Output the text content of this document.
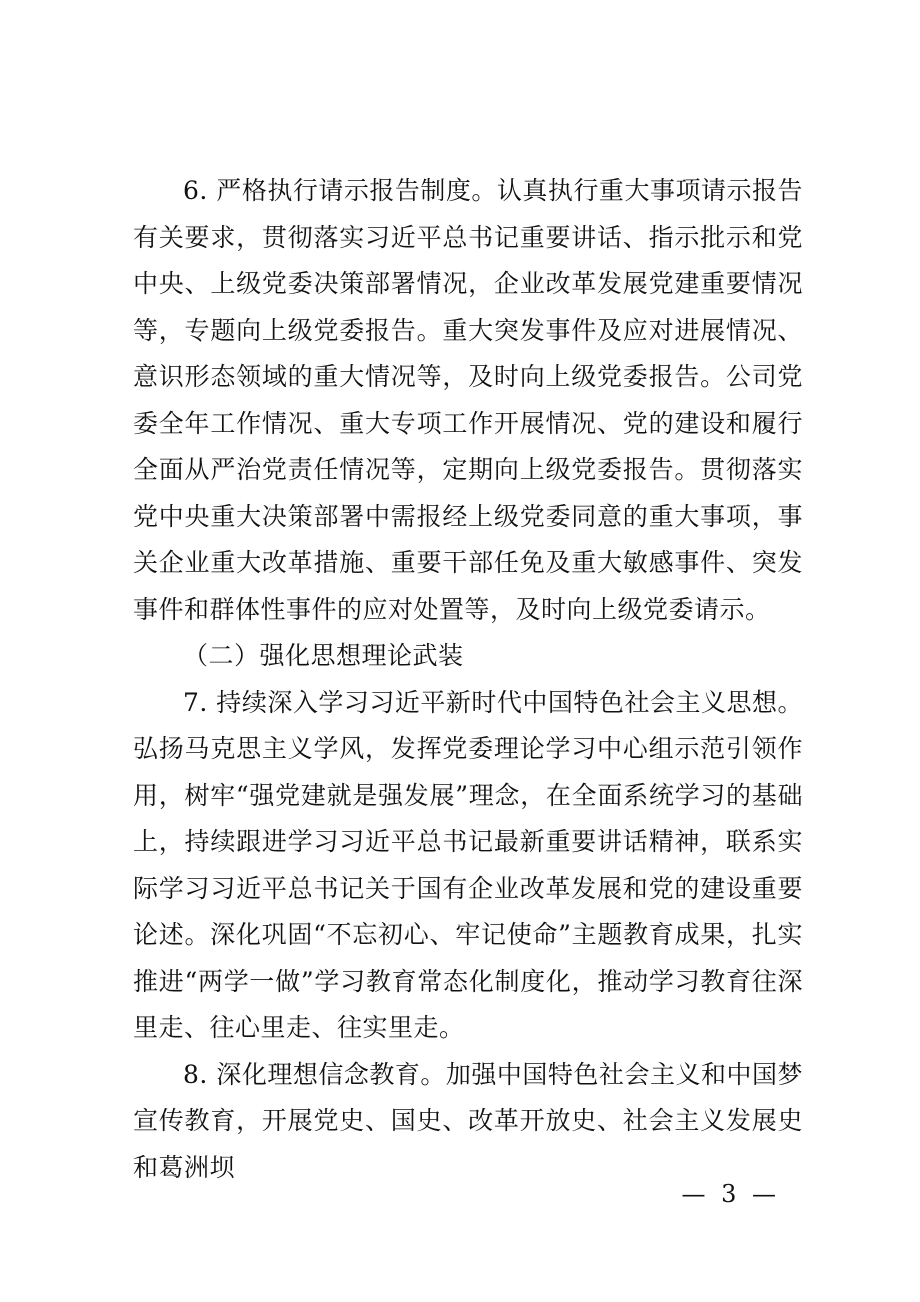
6. 严格执行请示报告制度。认真执行重大事项请示报告有关要求，贯彻落实习近平总书记重要讲话、指示批示和党中央、上级党委决策部署情况，企业改革发展党建重要情况等，专题向上级党委报告。重大突发事件及应对进展情况、意识形态领域的重大情况等，及时向上级党委报告。公司党委全年工作情况、重大专项工作开展情况、党的建设和履行全面从严治党责任情况等，定期向上级党委报告。贯彻落实党中央重大决策部署中需报经上级党委同意的重大事项，事关企业重大改革措施、重要干部任免及重大敏感事件、突发事件和群体性事件的应对处置等，及时向上级党委请示。

（二）强化思想理论武装

7. 持续深入学习习近平新时代中国特色社会主义思想。弘扬马克思主义学风，发挥党委理论学习中心组示范引领作用，树牢“强党建就是强发展”理念，在全面系统学习的基础上，持续跟进学习习近平总书记最新重要讲话精神，联系实际学习习近平总书记关于国有企业改革发展和党的建设重要论述。深化巩固“不忘初心、牢记使命”主题教育成果，扎实推进“两学一做”学习教育常态化制度化，推动学习教育往深里走、往心里走、往实里走。

8. 深化理想信念教育。加强中国特色社会主义和中国梦宣传教育，开展党史、国史、改革开放史、社会主义发展史和葛洲坝

— 3 —
